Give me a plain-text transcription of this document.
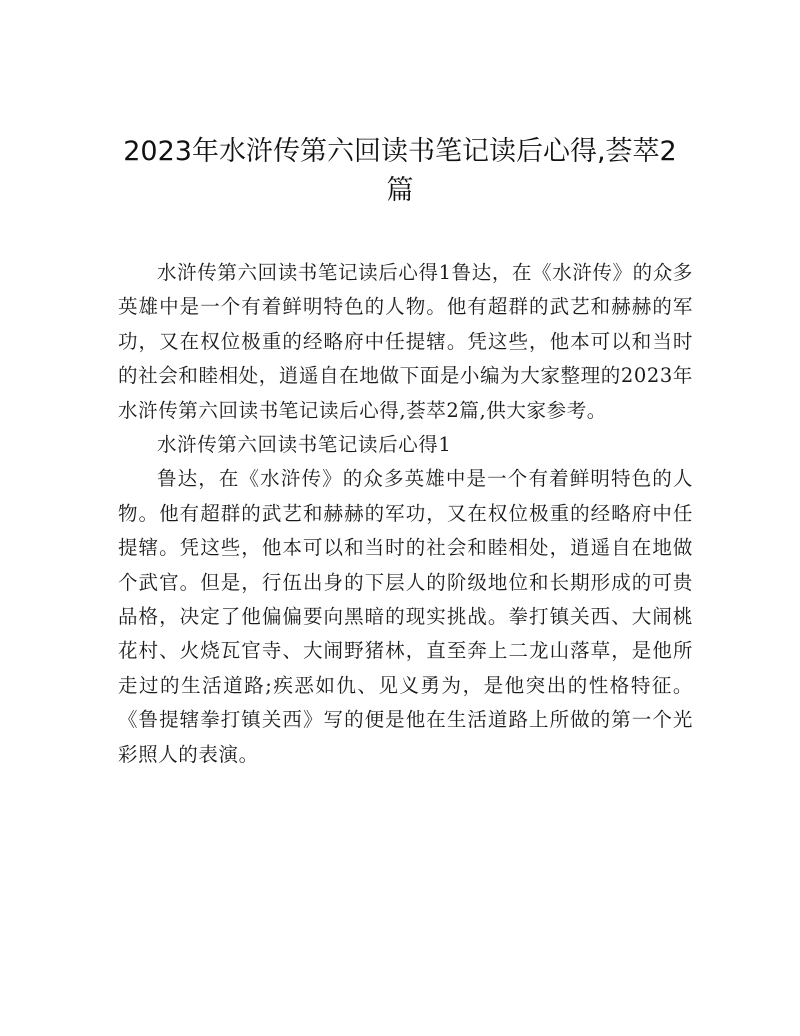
2023年水浒传第六回读书笔记读后心得,荟萃2篇

水浒传第六回读书笔记读后心得1鲁达，在《水浒传》的众多英雄中是一个有着鲜明特色的人物。他有超群的武艺和赫赫的军功，又在权位极重的经略府中任提辖。凭这些，他本可以和当时的社会和睦相处，逍遥自在地做下面是小编为大家整理的2023年水浒传第六回读书笔记读后心得,荟萃2篇,供大家参考。

水浒传第六回读书笔记读后心得1

鲁达，在《水浒传》的众多英雄中是一个有着鲜明特色的人物。他有超群的武艺和赫赫的军功，又在权位极重的经略府中任提辖。凭这些，他本可以和当时的社会和睦相处，逍遥自在地做个武官。但是，行伍出身的下层人的阶级地位和长期形成的可贵品格，决定了他偏偏要向黑暗的现实挑战。拳打镇关西、大闹桃花村、火烧瓦官寺、大闹野猪林，直至奔上二龙山落草，是他所走过的生活道路;疾恶如仇、见义勇为，是他突出的性格特征。《鲁提辖拳打镇关西》写的便是他在生活道路上所做的第一个光彩照人的表演。
